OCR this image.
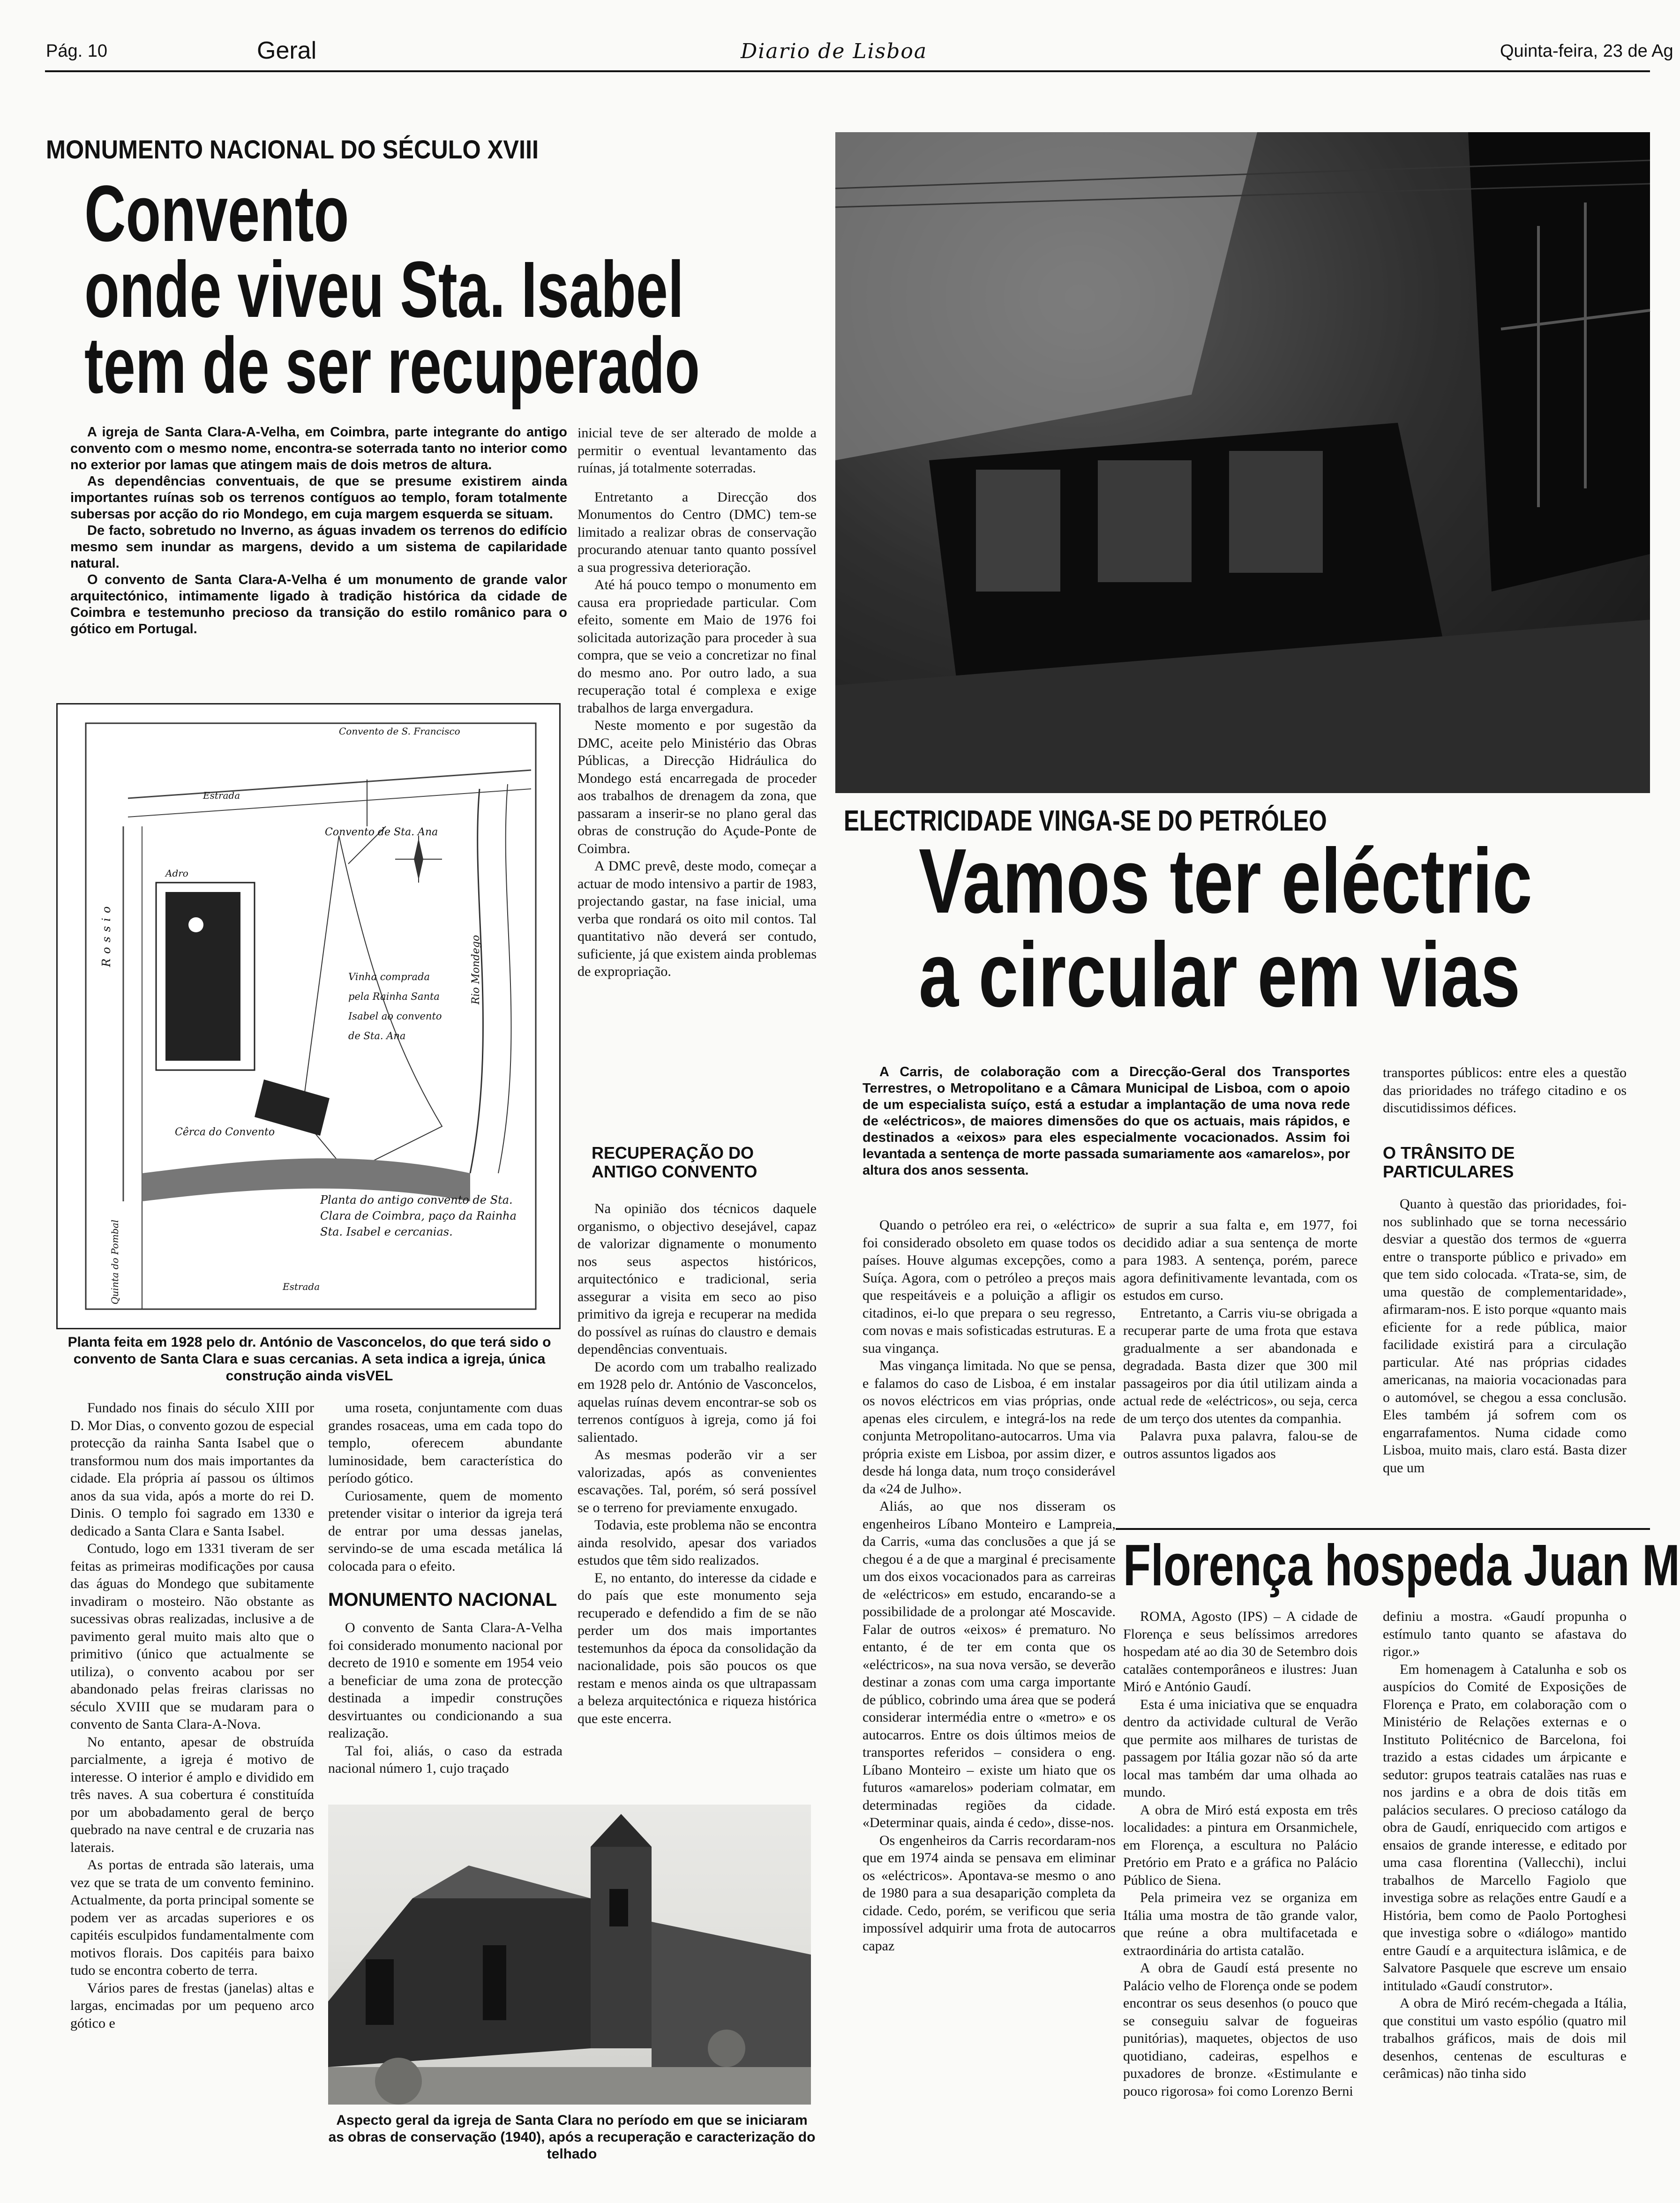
Pág. 10	Geral	Diario de Lisboa	Quinta-feira, 23 de Ag
MONUMENTO NACIONAL DO SÉCULO XVIII
Convento
onde viveu Sta. Isabel
tem de ser recuperado

A igreja de Santa Clara-A-Velha, em Coimbra, parte integrante do antigo convento com o mesmo nome, encontra-se soterrada tanto no interior como no exterior por lamas que atingem mais de dois metros de altura.

As dependências conventuais, de que se presume existirem ainda importantes ruínas sob os terrenos contíguos ao templo, foram totalmente subersas por acção do rio Mondego, em cuja margem esquerda se situam.

De facto, sobretudo no Inverno, as águas invadem os terrenos do edifício mesmo sem inundar as margens, devido a um sistema de capilaridade natural.

O convento de Santa Clara-A-Velha é um monumento de grande valor arquitectónico, intimamente ligado à tradição histórica da cidade de Coimbra e testemunho precioso da transição do estilo românico para o gótico em Portugal.

Convento de S. Francisco
Estrada
Convento de Sta. Ana
Rio Mondego
Rossio
Adro
Vinha comprada pela Rainha Santa Isabel ao convento de Sta. Ana
Cêrca do Convento
Quinta do Pombal	Estrada
Planta do antigo convento de Sta. Clara de Coimbra, paço da Rainha Sta. Isabel e cercanias.
Planta feita em 1928 pelo dr. António de Vasconcelos, do que terá sido o convento de Santa Clara e suas cercanias. A seta indica a igreja, única construção ainda visVEL

Fundado nos finais do século XIII por D. Mor Dias, o convento gozou de especial protecção da rainha Santa Isabel que o transformou num dos mais importantes da cidade. Ela própria aí passou os últimos anos da sua vida, após a morte do rei D. Dinis. O templo foi sagrado em 1330 e dedicado a Santa Clara e Santa Isabel.

Contudo, logo em 1331 tiveram de ser feitas as primeiras modificações por causa das águas do Mondego que subitamente invadiram o mosteiro. Não obstante as sucessivas obras realizadas, inclusive a de pavimento geral muito mais alto que o primitivo (único que actualmente se utiliza), o convento acabou por ser abandonado pelas freiras clarissas no século XVIII que se mudaram para o convento de Santa Clara-A-Nova.

No entanto, apesar de obstruída parcialmente, a igreja é motivo de interesse. O interior é amplo e dividido em três naves. A sua cobertura é constituída por um abobadamento geral de berço quebrado na nave central e de cruzaria nas laterais.

As portas de entrada são laterais, uma vez que se trata de um convento feminino. Actualmente, da porta principal somente se podem ver as arcadas superiores e os capitéis esculpidos fundamentalmente com motivos florais. Dos capitéis para baixo tudo se encontra coberto de terra.

Vários pares de frestas (janelas) altas e largas, encimadas por um pequeno arco gótico e

uma roseta, conjuntamente com duas grandes rosaceas, uma em cada topo do templo, oferecem abundante luminosidade, bem característica do período gótico.

Curiosamente, quem de momento pretender visitar o interior da igreja terá de entrar por uma dessas janelas, servindo-se de uma escada metálica lá colocada para o efeito.

MONUMENTO NACIONAL

O convento de Santa Clara-A-Velha foi considerado monumento nacional por decreto de 1910 e somente em 1954 veio a beneficiar de uma zona de protecção destinada a impedir construções desvirtuantes ou condicionando a sua realização.

Tal foi, aliás, o caso da estrada nacional número 1, cujo traçado

inicial teve de ser alterado de molde a permitir o eventual levantamento das ruínas, já totalmente soterradas.

Entretanto a Direcção dos Monumentos do Centro (DMC) tem-se limitado a realizar obras de conservação procurando atenuar tanto quanto possível a sua progressiva deterioração.

Até há pouco tempo o monumento em causa era propriedade particular. Com efeito, somente em Maio de 1976 foi solicitada autorização para proceder à sua compra, que se veio a concretizar no final do mesmo ano. Por outro lado, a sua recuperação total é complexa e exige trabalhos de larga envergadura.

Neste momento e por sugestão da DMC, aceite pelo Ministério das Obras Públicas, a Direcção Hidráulica do Mondego está encarregada de proceder aos trabalhos de drenagem da zona, que passaram a inserir-se no plano geral das obras de construção do Açude-Ponte de Coimbra.

A DMC prevê, deste modo, começar a actuar de modo intensivo a partir de 1983, projectando gastar, na fase inicial, uma verba que rondará os oito mil contos. Tal quantitativo não deverá ser contudo, suficiente, já que existem ainda problemas de expropriação.

RECUPERAÇÃO DO ANTIGO CONVENTO

Na opinião dos técnicos daquele organismo, o objectivo desejável, capaz de valorizar dignamente o monumento nos seus aspectos históricos, arquitectónico e tradicional, seria assegurar a visita em seco ao piso primitivo da igreja e recuperar na medida do possível as ruínas do claustro e demais dependências conventuais.

De acordo com um trabalho realizado em 1928 pelo dr. António de Vasconcelos, aquelas ruínas devem encontrar-se sob os terrenos contíguos à igreja, como já foi salientado.

As mesmas poderão vir a ser valorizadas, após as convenientes escavações. Tal, porém, só será possível se o terreno for previamente enxugado.

Todavia, este problema não se encontra ainda resolvido, apesar dos variados estudos que têm sido realizados.

E, no entanto, do interesse da cidade e do país que este monumento seja recuperado e defendido a fim de se não perder um dos mais importantes testemunhos da época da consolidação da nacionalidade, pois são poucos os que restam e menos ainda os que ultrapassam a beleza arquitectónica e riqueza histórica que este encerra.

Aspecto geral da igreja de Santa Clara no período em que se iniciaram as obras de conservação (1940), após a recuperação e caracterização do telhado
ELECTRICIDADE VINGA-SE DO PETRÓLEO
Vamos ter eléctric
a circular em vias

A Carris, de colaboração com a Direcção-Geral dos Transportes Terrestres, o Metropolitano e a Câmara Municipal de Lisboa, com o apoio de um especialista suíço, está a estudar a implantação de uma nova rede de «eléctricos», de maiores dimensões do que os actuais, mais rápidos, e destinados a «eixos» para eles especialmente vocacionados. Assim foi levantada a sentença de morte passada sumariamente aos «amarelos», por altura dos anos sessenta.

transportes públicos: entre eles a questão das prioridades no tráfego citadino e os discutidissimos défices.

O TRÂNSITO DE PARTICULARES

Quanto à questão das prioridades, foi-nos sublinhado que se torna necessário desviar a questão dos termos de «guerra entre o transporte público e privado» em que tem sido colocada. «Trata-se, sim, de uma questão de complementaridade», afirmaram-nos. E isto porque «quanto mais eficiente for a rede pública, maior facilidade existirá para a circulação particular. Até nas próprias cidades americanas, na maioria vocacionadas para o automóvel, se chegou a essa conclusão. Eles também já sofrem com os engarrafamentos. Numa cidade como Lisboa, muito mais, claro está. Basta dizer que um

Quando o petróleo era rei, o «eléctrico» foi considerado obsoleto em quase todos os países. Houve algumas excepções, como a Suíça. Agora, com o petróleo a preços mais que respeitáveis e a poluição a afligir os citadinos, ei-lo que prepara o seu regresso, com novas e mais sofisticadas estruturas. E a sua vingança.

Mas vingança limitada. No que se pensa, e falamos do caso de Lisboa, é em instalar os novos eléctricos em vias próprias, onde apenas eles circulem, e integrá-los na rede conjunta Metropolitano-autocarros. Uma via própria existe em Lisboa, por assim dizer, e desde há longa data, num troço considerável da «24 de Julho».

Aliás, ao que nos disseram os engenheiros Líbano Monteiro e Lampreia, da Carris, «uma das conclusões a que já se chegou é a de que a marginal é precisamente um dos eixos vocacionados para as carreiras de «eléctricos» em estudo, encarando-se a possibilidade de a prolongar até Moscavide. Falar de outros «eixos» é prematuro. No entanto, é de ter em conta que os «eléctricos», na sua nova versão, se deverão destinar a zonas com uma carga importante de público, cobrindo uma área que se poderá considerar intermédia entre o «metro» e os autocarros. Entre os dois últimos meios de transportes referidos – considera o eng. Líbano Monteiro – existe um hiato que os futuros «amarelos» poderiam colmatar, em determinadas regiões da cidade. «Determinar quais, ainda é cedo», disse-nos.

Os engenheiros da Carris recordaram-nos que em 1974 ainda se pensava em eliminar os «eléctricos». Apontava-se mesmo o ano de 1980 para a sua desaparição completa da cidade. Cedo, porém, se verificou que seria impossível adquirir uma frota de autocarros capaz

de suprir a sua falta e, em 1977, foi decidido adiar a sua sentença de morte para 1983. A sentença, porém, parece agora definitivamente levantada, com os estudos em curso.

Entretanto, a Carris viu-se obrigada a recuperar parte de uma frota que estava gradualmente a ser abandonada e degradada. Basta dizer que 300 mil passageiros por dia útil utilizam ainda a actual rede de «eléctricos», ou seja, cerca de um terço dos utentes da companhia.

Palavra puxa palavra, falou-se de outros assuntos ligados aos

Florença hospeda Juan M

ROMA, Agosto (IPS) – A cidade de Florença e seus belíssimos arredores hospedam até ao dia 30 de Setembro dois catalães contemporâneos e ilustres: Juan Miró e António Gaudí.

Esta é uma iniciativa que se enquadra dentro da actividade cultural de Verão que permite aos milhares de turistas de passagem por Itália gozar não só da arte local mas também dar uma olhada ao mundo.

A obra de Miró está exposta em três localidades: a pintura em Orsanmichele, em Florença, a escultura no Palácio Pretório em Prato e a gráfica no Palácio Público de Siena.

Pela primeira vez se organiza em Itália uma mostra de tão grande valor, que reúne a obra multifacetada e extraordinária do artista catalão.

A obra de Gaudí está presente no Palácio velho de Florença onde se podem encontrar os seus desenhos (o pouco que se conseguiu salvar de fogueiras punitórias), maquetes, objectos de uso quotidiano, cadeiras, espelhos e puxadores de bronze. «Estimulante e pouco rigorosa» foi como Lorenzo Berni

definiu a mostra. «Gaudí propunha o estímulo tanto quanto se afastava do rigor.»

Em homenagem à Catalunha e sob os auspícios do Comité de Exposições de Florença e Prato, em colaboração com o Ministério de Relações externas e o Instituto Politécnico de Barcelona, foi trazido a estas cidades um árpicante e sedutor: grupos teatrais catalães nas ruas e nos jardins e a obra de dois titãs em palácios seculares. O precioso catálogo da obra de Gaudí, enriquecido com artigos e ensaios de grande interesse, e editado por uma casa florentina (Vallecchi), inclui trabalhos de Marcello Fagiolo que investiga sobre as relações entre Gaudí e a História, bem como de Paolo Portoghesi que investiga sobre o «diálogo» mantido entre Gaudí e a arquitectura islâmica, e de Salvatore Pasquele que escreve um ensaio intitulado «Gaudí construtor».

A obra de Miró recém-chegada a Itália, que constitui um vasto espólio (quatro mil trabalhos gráficos, mais de dois mil desenhos, centenas de esculturas e cerâmicas) não tinha sido
